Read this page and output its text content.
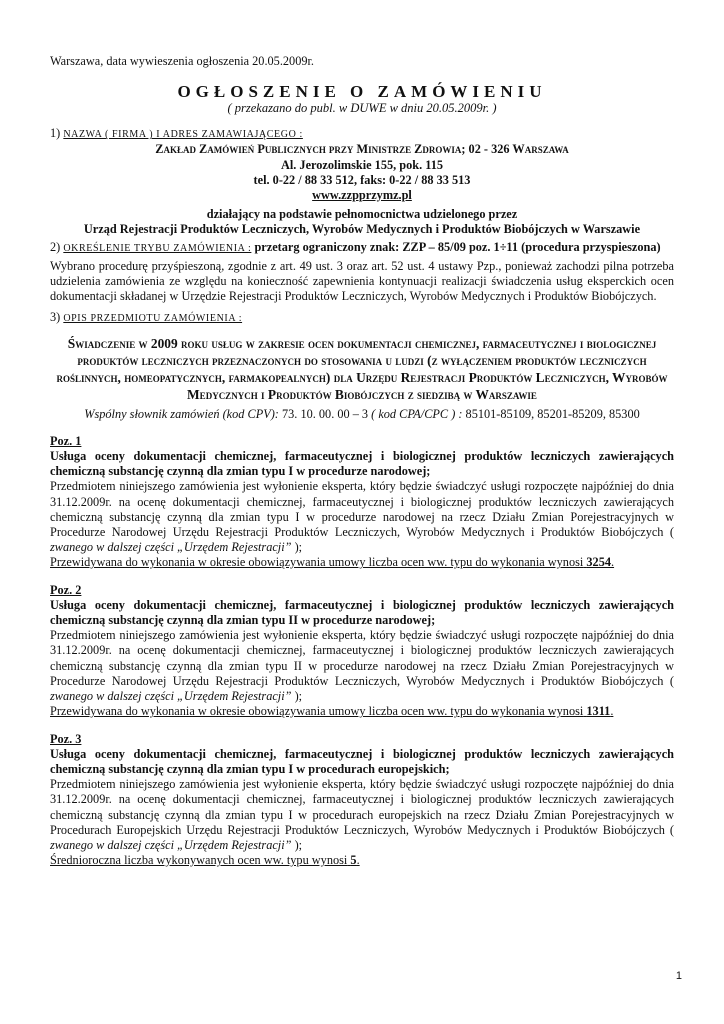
Warszawa, data wywieszenia ogłoszenia 20.05.2009r.

OGŁOSZENIE O ZAMÓWIENIU
( przekazano do publ. w DUWE w dniu 20.05.2009r. )
1) NAZWA ( FIRMA ) I ADRES ZAMAWIAJĄCEGO :
Zakład Zamówień Publicznych przy Ministrze Zdrowia; 02 - 326 Warszawa
Al. Jerozolimskie 155, pok. 115
tel. 0-22 / 88 33 512, faks: 0-22 / 88 33 513
www.zzpprzymz.pl
działający na podstawie pełnomocnictwa udzielonego przez
Urząd Rejestracji Produktów Leczniczych, Wyrobów Medycznych i Produktów Biobójczych w Warszawie
2) OKREŚLENIE TRYBU ZAMÓWIENIA : przetarg ograniczony znak: ZZP – 85/09 poz. 1÷11 (procedura przyspieszona)
Wybrano procedurę przyśpieszoną, zgodnie z art. 49 ust. 3 oraz art. 52 ust. 4 ustawy Pzp., ponieważ zachodzi pilna potrzeba udzielenia zamówienia ze względu na konieczność zapewnienia kontynuacji realizacji świadczenia usług eksperckich ocen dokumentacji składanej w Urzędzie Rejestracji Produktów Leczniczych, Wyrobów Medycznych i Produktów Biobójczych.
3) OPIS PRZEDMIOTU ZAMÓWIENIA :
Świadczenie w 2009 roku usług w zakresie ocen dokumentacji chemicznej, farmaceutycznej i biologicznej produktów leczniczych przeznaczonych do stosowania u ludzi (z wyłączeniem produktów leczniczych roślinnych, homeopatycznych, farmakopealnych) dla Urzędu Rejestracji Produktów Leczniczych, Wyrobów Medycznych i Produktów Biobójczych z siedzibą w Warszawie
Wspólny słownik zamówień (kod CPV): 73. 10. 00. 00 – 3 ( kod CPA/CPC ) : 85101-85109, 85201-85209, 85300
Poz. 1
Usługa oceny dokumentacji chemicznej, farmaceutycznej i biologicznej produktów leczniczych zawierających chemiczną substancję czynną dla zmian typu I w procedurze narodowej;
Przedmiotem niniejszego zamówienia jest wyłonienie eksperta, który będzie świadczyć usługi rozpoczęte najpóźniej do dnia 31.12.2009r. na ocenę dokumentacji chemicznej, farmaceutycznej i biologicznej produktów leczniczych zawierających chemiczną substancję czynną dla zmian typu I w procedurze narodowej na rzecz Działu Zmian Porejestracyjnych w Procedurze Narodowej Urzędu Rejestracji Produktów Leczniczych, Wyrobów Medycznych i Produktów Biobójczych ( zwanego w dalszej części „Urzędem Rejestracji” );
Przewidywana do wykonania w okresie obowiązywania umowy liczba ocen ww. typu do wykonania wynosi 3254.
Poz. 2
Usługa oceny dokumentacji chemicznej, farmaceutycznej i biologicznej produktów leczniczych zawierających chemiczną substancję czynną dla zmian typu II w procedurze narodowej;
Przedmiotem niniejszego zamówienia jest wyłonienie eksperta, który będzie świadczyć usługi rozpoczęte najpóźniej do dnia 31.12.2009r. na ocenę dokumentacji chemicznej, farmaceutycznej i biologicznej produktów leczniczych zawierających chemiczną substancję czynną dla zmian typu II w procedurze narodowej na rzecz Działu Zmian Porejestracyjnych w Procedurze Narodowej Urzędu Rejestracji Produktów Leczniczych, Wyrobów Medycznych i Produktów Biobójczych ( zwanego w dalszej części „Urzędem Rejestracji” );
Przewidywana do wykonania w okresie obowiązywania umowy liczba ocen ww. typu do wykonania wynosi 1311.
Poz. 3
Usługa oceny dokumentacji chemicznej, farmaceutycznej i biologicznej produktów leczniczych zawierających chemiczną substancję czynną dla zmian typu I w procedurach europejskich;
Przedmiotem niniejszego zamówienia jest wyłonienie eksperta, który będzie świadczyć usługi rozpoczęte najpóźniej do dnia 31.12.2009r. na ocenę dokumentacji chemicznej, farmaceutycznej i biologicznej produktów leczniczych zawierających chemiczną substancję czynną dla zmian typu I w procedurach europejskich na rzecz Działu Zmian Porejestracyjnych w Procedurach Europejskich Urzędu Rejestracji Produktów Leczniczych, Wyrobów Medycznych i Produktów Biobójczych ( zwanego w dalszej części „Urzędem Rejestracji” );
Średnioroczna liczba wykonywanych ocen ww. typu wynosi 5.
1
